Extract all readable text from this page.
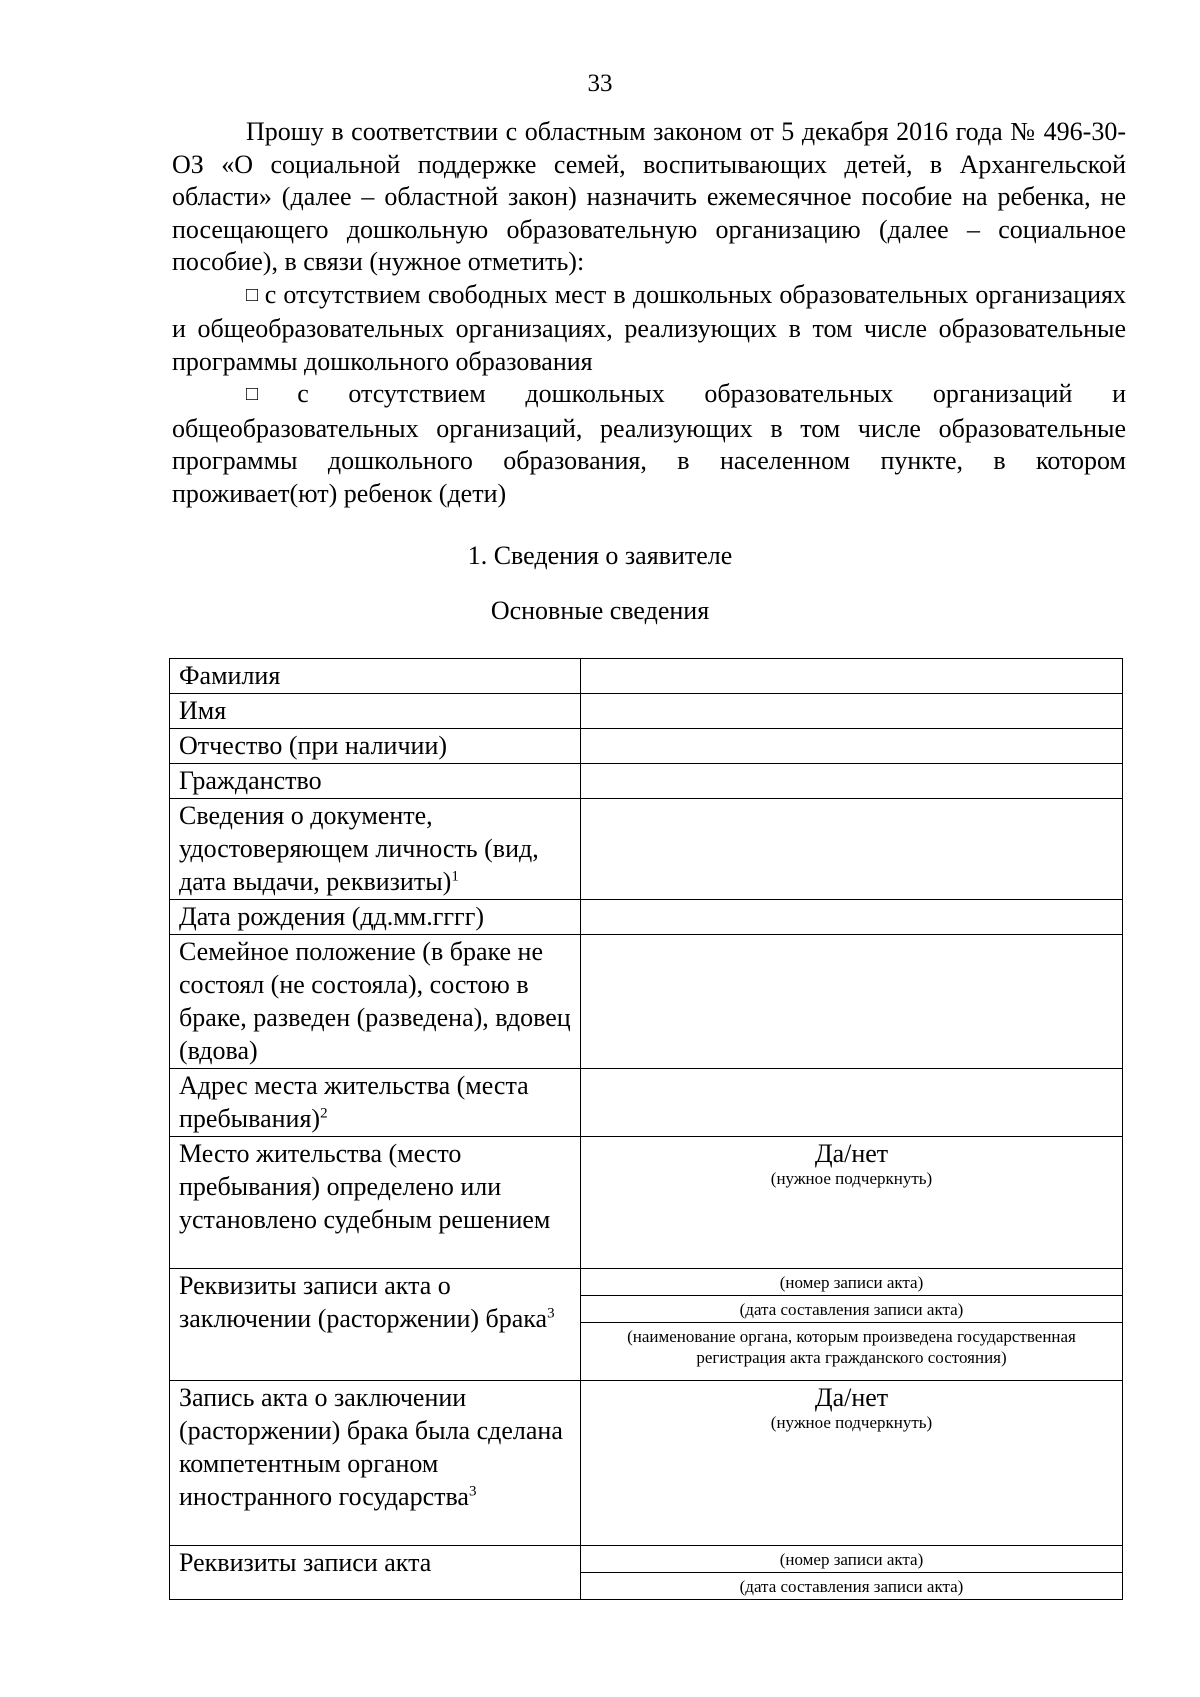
33

Прошу в соответствии с областным законом от 5 декабря 2016 года № 496-30-ОЗ «О социальной поддержке семей, воспитывающих детей, в Архангельской области» (далее – областной закон) назначить ежемесячное пособие на ребенка, не посещающего дошкольную образовательную организацию (далее – социальное пособие), в связи (нужное отметить):

□ с отсутствием свободных мест в дошкольных образовательных организациях и общеобразовательных организациях, реализующих в том числе образовательные программы дошкольного образования

□ с отсутствием дошкольных образовательных организаций и общеобразовательных организаций, реализующих в том числе образовательные программы дошкольного образования, в населенном пункте, в котором проживает(ют) ребенок (дети)

1. Сведения о заявителе
Основные сведения
Фамилия	
Имя	
Отчество (при наличии)	
Гражданство	
Сведения о документе, удостоверяющем личность (вид, дата выдачи, реквизиты)$^1$	
Дата рождения (дд.мм.гггг)	
Семейное положение (в браке не состоял (не состояла), состою в браке, разведен (разведена), вдовец (вдова)	
Адрес места жительства (места пребывания)$^2$	
Место жительства (место пребывания) определено или установлено судебным решением	Да/нет
(нужное подчеркнуть)

Реквизиты записи акта о заключении (расторжении) брака$^3$	(номер записи акта)
(дата составления записи акта)
(наименование органа, которым произведена государственная регистрация акта гражданского состояния)

Запись акта о заключении (расторжении) брака была сделана компетентным органом иностранного государства$^3$	Да/нет
(нужное подчеркнуть)

Реквизиты записи акта	(номер записи акта)
(дата составления записи акта)
